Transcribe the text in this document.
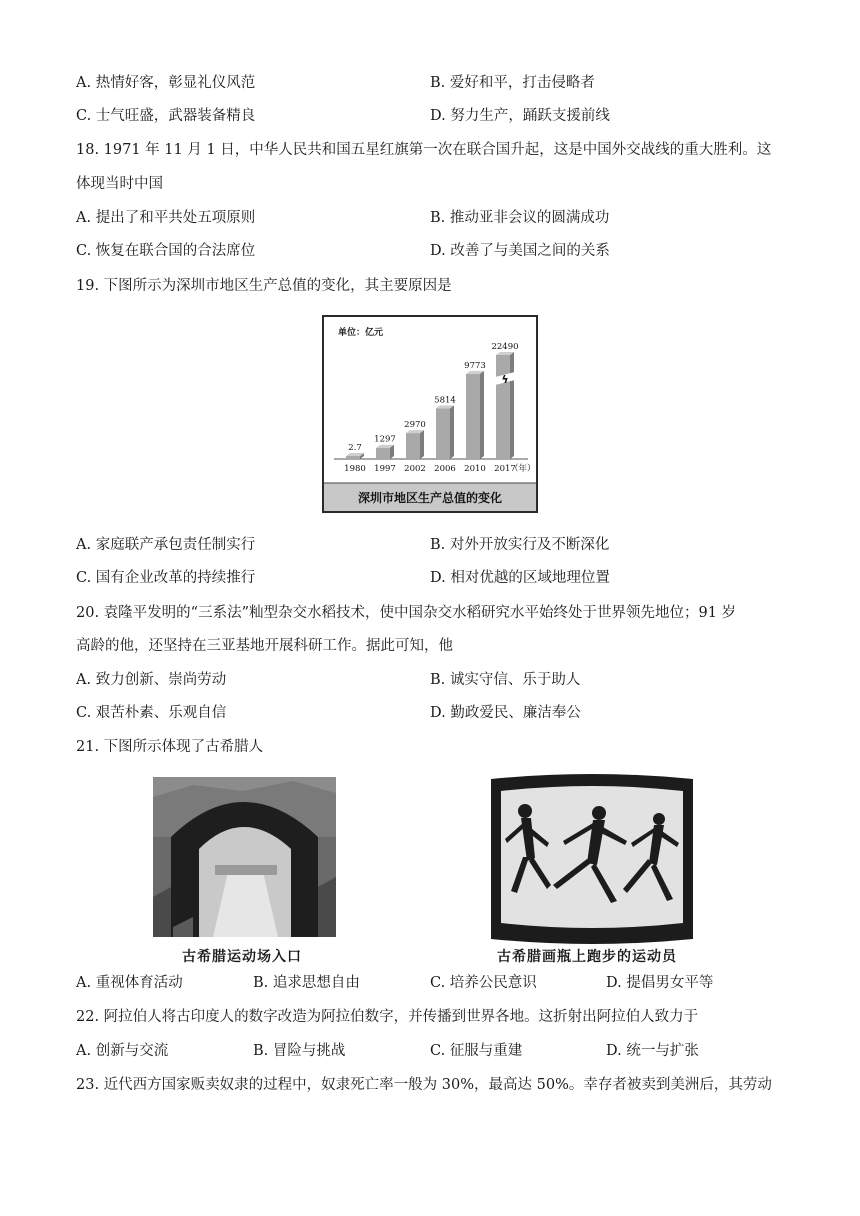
A. 热情好客，彰显礼仪风范	B. 爱好和平，打击侵略者
C. 士气旺盛，武器装备精良	D. 努力生产，踊跃支援前线
18. 1971 年 11 月 1 日，中华人民共和国五星红旗第一次在联合国升起，这是中国外交战线的重大胜利。这
体现当时中国
A. 提出了和平共处五项原则	B. 推动亚非会议的圆满成功
C. 恢复在联合国的合法席位	D. 改善了与美国之间的关系
19. 下图所示为深圳市地区生产总值的变化，其主要原因是
单位：亿元
2.7
1980
1297
1997
2970
2002
5814
2006
9773
2010
ϟ
22490
2017
（年）
深圳市地区生产总值的变化
A. 家庭联产承包责任制实行	B. 对外开放实行及不断深化
C. 国有企业改革的持续推行	D. 相对优越的区域地理位置
20. 袁隆平发明的“三系法”籼型杂交水稻技术，使中国杂交水稻研究水平始终处于世界领先地位；91 岁
高龄的他，还坚持在三亚基地开展科研工作。据此可知，他
A. 致力创新、崇尚劳动	B. 诚实守信、乐于助人
C. 艰苦朴素、乐观自信	D. 勤政爱民、廉洁奉公
21. 下图所示体现了古希腊人
古希腊运动场入口	古希腊画瓶上跑步的运动员
A. 重视体育活动	B. 追求思想自由	C. 培养公民意识	D. 提倡男女平等
22. 阿拉伯人将古印度人的数字改造为阿拉伯数字，并传播到世界各地。这折射出阿拉伯人致力于
A. 创新与交流	B. 冒险与挑战	C. 征服与重建	D. 统一与扩张
23. 近代西方国家贩卖奴隶的过程中，奴隶死亡率一般为 30%，最高达 50%。幸存者被卖到美洲后，其劳动
